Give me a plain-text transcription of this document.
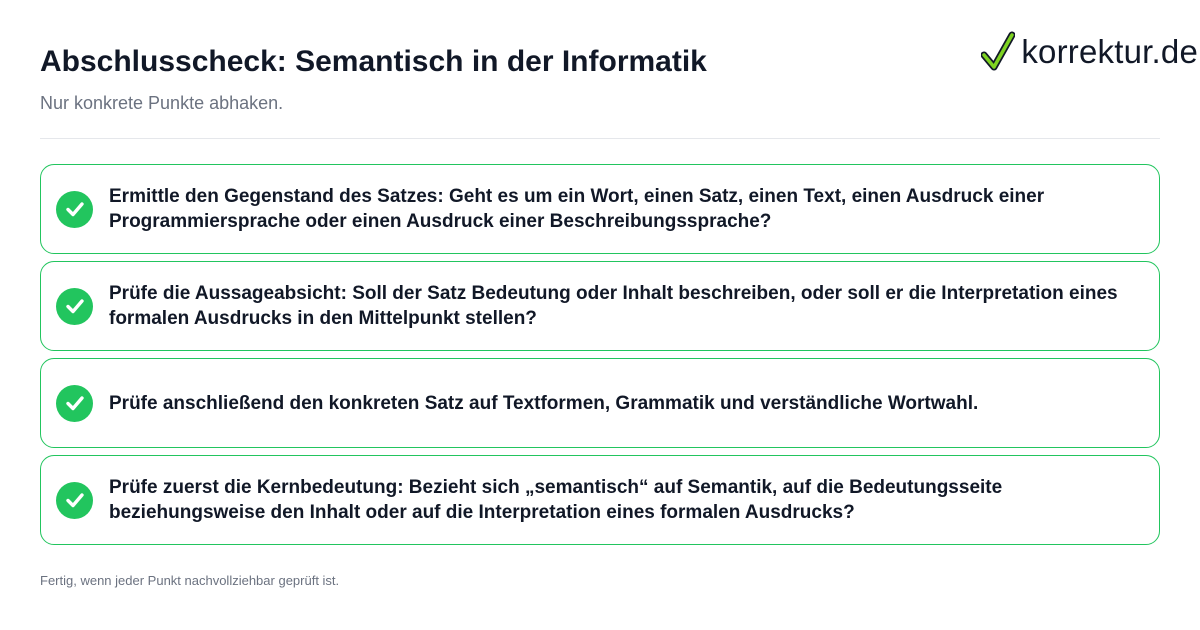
Abschlusscheck: Semantisch in der Informatik

Nur konkrete Punkte abhaken.

korrektur.de
Ermittle den Gegenstand des Satzes: Geht es um ein Wort, einen Satz, einen Text, einen Ausdruck einer Programmiersprache oder einen Ausdruck einer Beschreibungssprache?
Prüfe die Aussageabsicht: Soll der Satz Bedeutung oder Inhalt beschreiben, oder soll er die Interpretation eines formalen Ausdrucks in den Mittelpunkt stellen?
Prüfe anschließend den konkreten Satz auf Textformen, Grammatik und verständliche Wortwahl.
Prüfe zuerst die Kernbedeutung: Bezieht sich „semantisch“ auf Semantik, auf die Bedeutungsseite beziehungsweise den Inhalt oder auf die Interpretation eines formalen Ausdrucks?

Fertig, wenn jeder Punkt nachvollziehbar geprüft ist.
